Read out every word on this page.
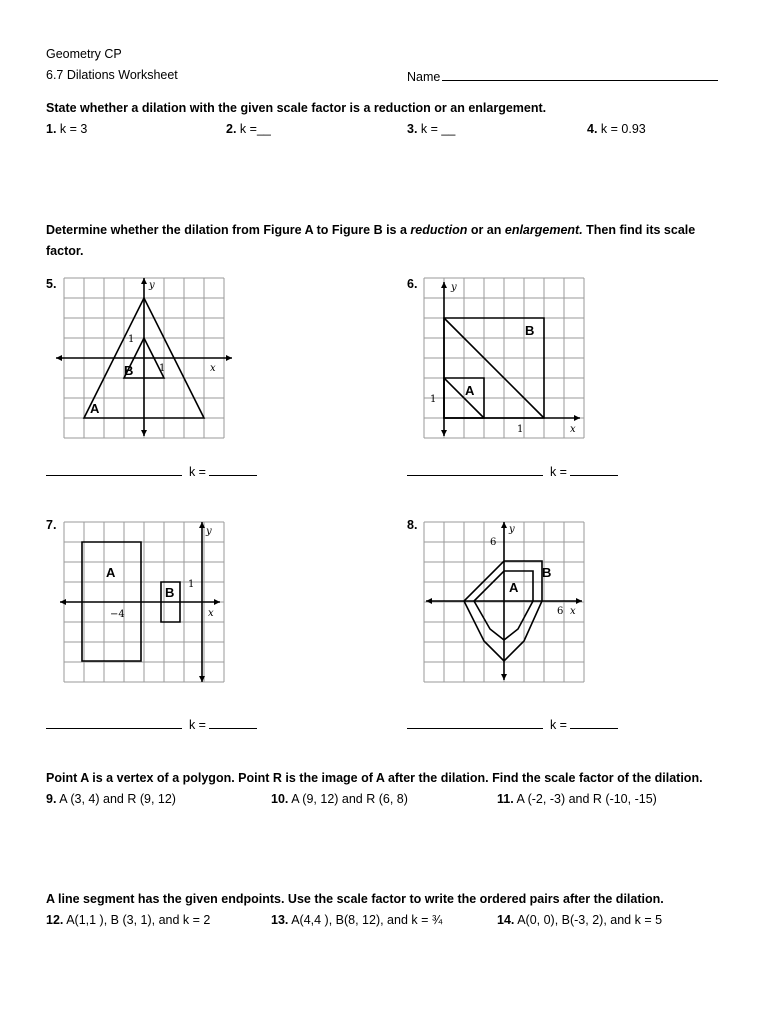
Geometry CP
6.7 Dilations Worksheet	Name
State whether a dilation with the given scale factor is a reduction or an enlargement.
1. k = 3	2. k =__	3. k = __	4. k = 0.93
Determine whether the dilation from Figure A to Figure B is a reduction or an enlargement. Then find its scale
factor.
5.	6.
7.	8.
A
B	x
y
1
1
B
A
x
y
1
1
k =	k =
A
B
x
y
1
−4
A
B
x
y
6
6
k =	k =
Point A is a vertex of a polygon. Point R is the image of A after the dilation. Find the scale factor of the dilation.
9. A (3, 4) and R (9, 12)	10. A (9, 12) and R (6, 8)	11. A (-2, -3) and R (-10, -15)
A line segment has the given endpoints. Use the scale factor to write the ordered pairs after the dilation.
12. A(1,1 ), B (3, 1), and k = 2	13. A(4,4 ), B(8, 12), and k = ¾	14. A(0, 0), B(-3, 2), and k = 5
